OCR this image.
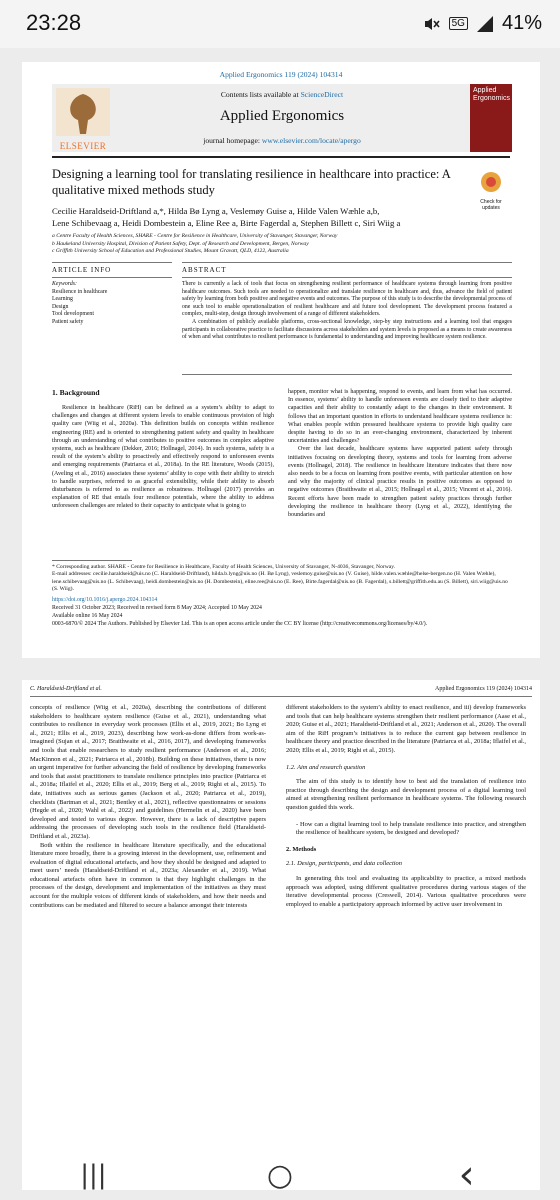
23:28	5G 41%
Applied Ergonomics 119 (2024) 104314
ELSEVIER
Contents lists available at ScienceDirect
Applied Ergonomics
journal homepage: www.elsevier.com/locate/apergo
Applied Ergonomics
Designing a learning tool for translating resilience in healthcare into practice: A qualitative mixed methods study
Check for updates
Cecilie Haraldseid-Driftland a,*, Hilda Bø Lyng a, Veslemøy Guise a, Hilde Valen Wæhle a,b,
Lene Schibevaag a, Heidi Dombestein a, Eline Ree a, Birte Fagerdal a, Stephen Billett c, Siri Wiig a
a Centre Faculty of Health Sciences, SHARE - Centre for Resilience in Healthcare, University of Stavanger, Stavanger, Norway
b Haukeland University Hospital, Division of Patient Safety, Dept. of Research and Development, Bergen, Norway
c Griffith University School of Education and Professional Studies, Mount Gravatt, QLD, 4122, Australia
ARTICLE INFO	ABSTRACT
Keywords:
Resilience in healthcare
Learning
Design
Tool development
Patient safety
There is currently a lack of tools that focus on strengthening resilient performance of healthcare systems through learning from positive healthcare outcomes. Such tools are needed to operationalize and translate resilience in healthcare and, thus, advance the field of patient safety by learning from both positive and negative events and outcomes. The purpose of this study is to describe the developmental process of one such tool to enable operationalization of resilient healthcare and aid future tool development. The development process featured a complex, multi-step, design through involvement of a range of different stakeholders.
A combination of publicly available platforms, cross-sectional knowledge, step-by step instructions and a learning tool that engages participants in collaborative practice to facilitate discussions across stakeholders and system levels is proposed as a means to create awareness of when and what contributes to resilient performance is fundamental to understanding and improving healthcare system resilience.
1. Background
Resilience in healthcare (RiH) can be defined as a system’s ability to adapt to challenges and changes at different system levels to enable continuous provision of high quality care (Wiig et al., 2020a). This definition builds on concepts within resilience engineering (RE) and is oriented to strengthening patient safety and quality in healthcare through an understanding of what contributes to positive outcomes in complex adaptive systems, such as healthcare (Dekker, 2016; Hollnagel, 2014). In such systems, safety is a result of the system’s ability to proactively and effectively respond to unforeseen events and emerging requirements (Patriarca et al., 2018a). In the RE literature, Woods (2015), (Aveling et al., 2016) associates these systems’ ability to cope with their ability to stretch to handle surprises, referred to as graceful extensibility, while their ability to absorb disturbances is referred to as resilience as robustness. Hollnagel (2017) provides an explanation of RE that entails four resilience potentials, where the ability to address unforeseen challenges are related to their capacity to anticipate what is going to
happen, monitor what is happening, respond to events, and learn from what has occurred. In essence, systems’ ability to handle unforeseen events are closely tied to their adaptive capacities and their ability to constantly adapt to the changes in their environment. It follows that an important question in efforts to understand healthcare systems resilience is: What enables people within pressured healthcare systems to provide high quality care despite having to do so in an ever-changing environment, characterized by inherent uncertainties and challenges?
Over the last decade, healthcare systems have supported patient safety through initiatives focusing on developing theory, systems and tools for learning from adverse events (Hollnagel, 2018). The resilience in healthcare literature indicates that there now also needs to be a focus on learning from positive events, with particular attention on how and why the majority of clinical practice results in positive outcomes as opposed to negative outcomes (Braithwaite et al., 2015; Hollnagel et al., 2015; Vincent et al., 2016). Recent efforts have been made to strengthen patient safety practices through further developing the resilience in healthcare theory (Lyng et al., 2022), identifying the boundaries and
* Corresponding author. SHARE - Centre for Resilience in Healthcare, Faculty of Health Sciences, University of Stavanger, N-4036, Stavanger, Norway.
E-mail addresses: cecilie.haraldseid@uis.no (C. Haraldseid-Driftland), hilda.b.lyng@uis.no (H. Bø Lyng), veslemoy.guise@uis.no (V. Guise), hilde.valen.wæhle@helse-bergen.no (H. Valen Wæhle), lene.schibevaag@uis.no (L. Schibevaag), heidi.dombestein@uis.no (H. Dombestein), eline.ree@uis.no (E. Ree), Birte.fagerdal@uis.no (B. Fagerdal), s.billett@griffith.edu.au (S. Billett), siri.wiig@uis.no (S. Wiig).
https://doi.org/10.1016/j.apergo.2024.104314
Received 31 October 2023; Received in revised form 8 May 2024; Accepted 10 May 2024
Available online 16 May 2024
0003-6870/© 2024 The Authors. Published by Elsevier Ltd. This is an open access article under the CC BY license (http://creativecommons.org/licenses/by/4.0/).
C. Haraldseid-Driftland et al.	Applied Ergonomics 119 (2024) 104314
concepts of resilience (Wiig et al., 2020a), describing the contributions of different stakeholders to healthcare system resilience (Guise et al., 2021), understanding what contributes to resilience in everyday work processes (Ellis et al., 2019, 2021; Bo Lyng et al., 2021; Ellis et al., 2019, 2023), describing how work-as-done differs from work-as-imagined (Sujan et al., 2017; Braithwaite et al., 2016, 2017), and developing frameworks and tools that enable researchers to study resilient performance (Anderson et al., 2016; MacKinnon et al., 2021; Patriarca et al., 2018b). Building on these initiatives, there is now an urgent imperative for further advancing the field of resilience by developing frameworks and tools that assist practitioners to translate resilience principles into practice (Patriarca et al., 2018a; Iflaifel et al., 2020; Ellis et al., 2019; Berg et al., 2019; Righi et al., 2015). To date, initiatives such as serious games (Jackson et al., 2020; Patriarca et al., 2019), checklists (Bartman et al., 2021; Bentley et al., 2021), reflective questionnaires or sessions (Hegde et al., 2020; Wahl et al., 2022) and guidelines (Hermelin et al., 2020) have been developed and tested to various degree. However, there is a lack of descriptive papers addressing the processes of developing such tools in the resilience field (Haraldseid-Driftland et al., 2023a).
Both within the resilience in healthcare literature specifically, and the educational literature more broadly, there is a growing interest in the development, use, refinement and evaluation of digital educational artefacts, and how they should be designed and adapted to meet users’ needs (Haraldseid-Driftland et al., 2023a; Alexander et al., 2019). What educational artefacts often have in common is that they highlight challenges in the processes of the design, development and implementation of the initiatives as they must account for the multiple voices of different kinds of stakeholders, and how their needs and contributions can be mediated and filtered to secure a balance amongst their interests
different stakeholders to the system’s ability to enact resilience, and iii) develop frameworks and tools that can help healthcare systems strengthen their resilient performance (Aase et al., 2020; Guise et al., 2021; Haraldseid-Driftland et al., 2021; Anderson et al., 2020). The overall aim of the RiH program’s initiatives is to reduce the current gap between resilience in healthcare theory and practice described in the literature (Patriarca et al., 2018a; Iflaifel et al., 2020; Ellis et al., 2019; Righi et al., 2015).
1.2. Aim and research question
The aim of this study is to identify how to best aid the translation of resilience into practice through describing the design and development process of a digital learning tool aimed at strengthening resilient performance in healthcare systems. The following research question guided this work.
- How can a digital learning tool to help translate resilience into practice, and strengthen the resilience of healthcare system, be designed and developed?
2. Methods
2.1. Design, participants, and data collection
In generating this tool and evaluating its applicability to practice, a mixed methods approach was adopted, using different qualitative procedures during various stages of the iterative developmental process (Creswell, 2014). Various qualitative procedures were employed to enable a participatory approach informed by active user involvement in
|||	○	‹
